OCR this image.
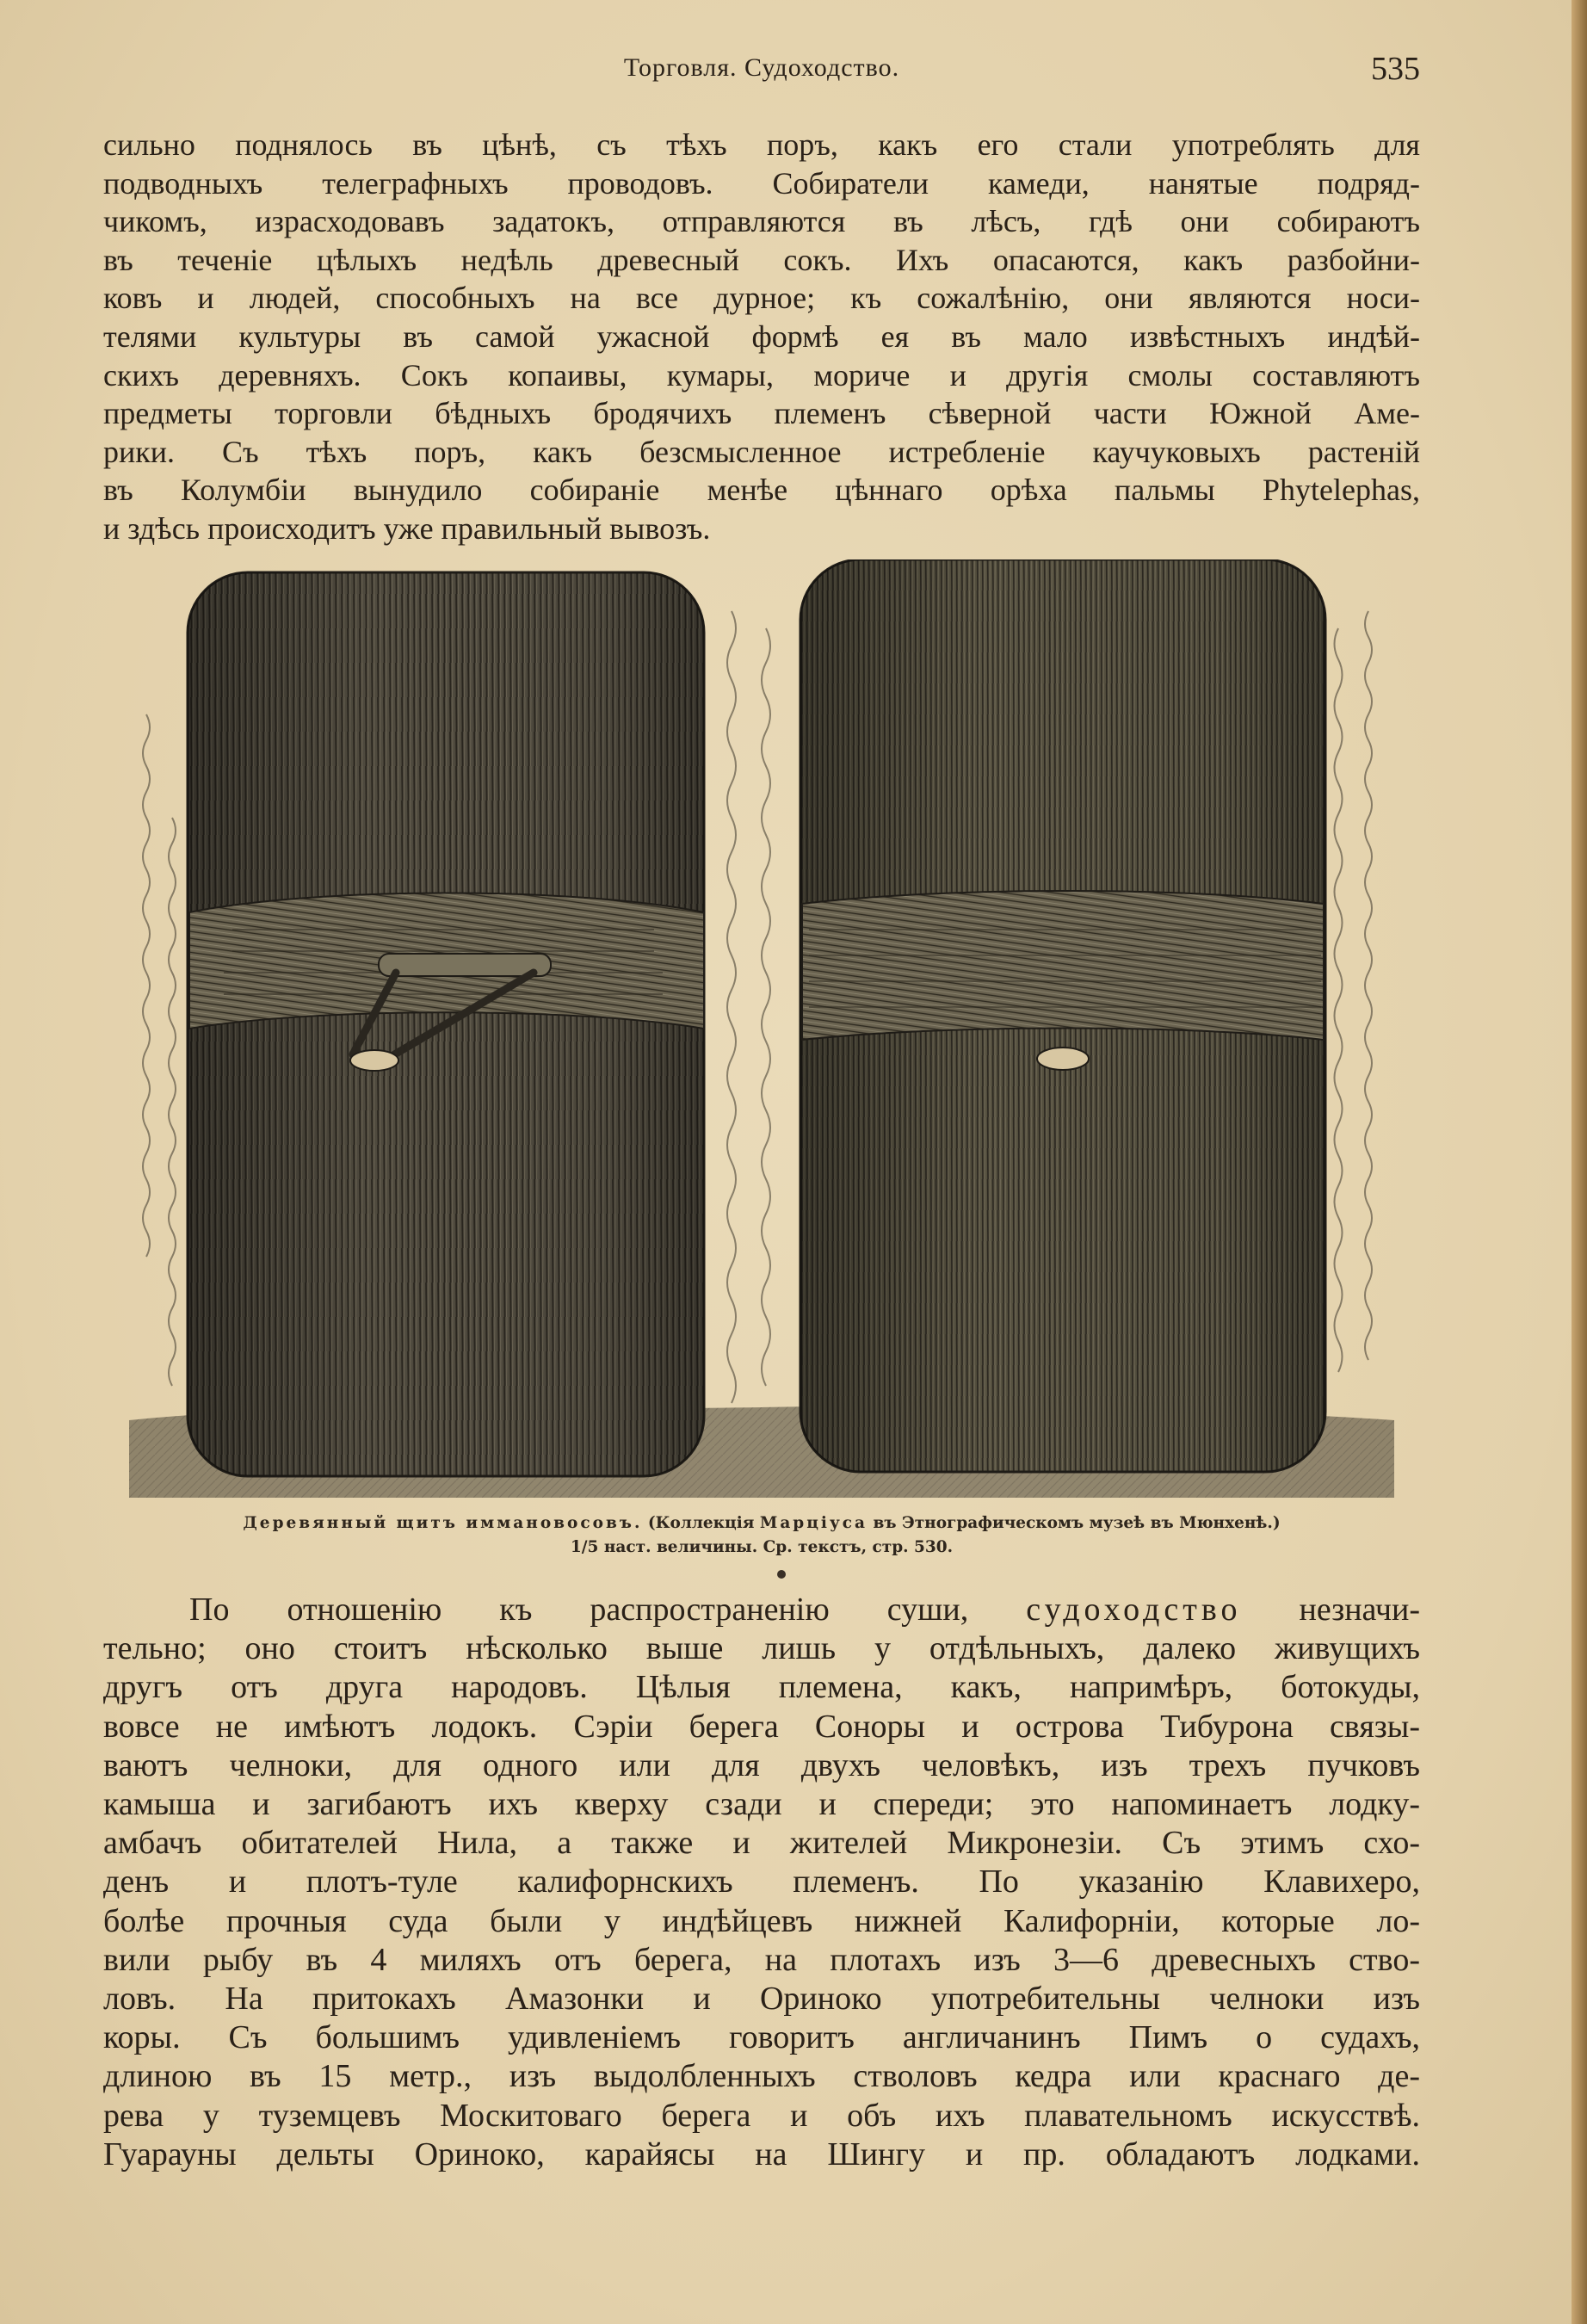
Торговля. Судоходство.	535

сильно поднялось въ цѣнѣ, съ тѣхъ поръ, какъ его стали употреблять для
подводныхъ телеграфныхъ проводовъ. Собиратели камеди, нанятые подряд-
чикомъ, израсходовавъ задатокъ, отправляются въ лѣсъ, гдѣ они собираютъ
въ теченіе цѣлыхъ недѣль древесный сокъ. Ихъ опасаются, какъ разбойни-
ковъ и людей, способныхъ на все дурное; къ сожалѣнію, они являются носи-
телями культуры въ самой ужасной формѣ ея въ мало извѣстныхъ индѣй-
скихъ деревняхъ. Сокъ копаивы, кумары, мориче и другія смолы составляютъ
предметы торговли бѣдныхъ бродячихъ племенъ сѣверной части Южной Аме-
рики. Съ тѣхъ поръ, какъ безсмысленное истребленіе каучуковыхъ растеній
въ Колумбіи вынудило собираніе менѣе цѣннаго орѣха пальмы Phytelephas,
и здѣсь происходитъ уже правильный вывозъ.

Деревянный щитъ иммановосовъ. (Коллекція Марціуса въ Этнографическомъ музеѣ въ Мюнхенѣ.)
1/5 наст. величины. Ср. текстъ, стр. 530.

По отношенію къ распространенію суши, судоходство незначи-
тельно; оно стоитъ нѣсколько выше лишь у отдѣльныхъ, далеко живущихъ
другъ отъ друга народовъ. Цѣлыя племена, какъ, напримѣръ, ботокуды,
вовсе не имѣютъ лодокъ. Сэріи берега Соноры и острова Тибурона связы-
ваютъ челноки, для одного или для двухъ человѣкъ, изъ трехъ пучковъ
камыша и загибаютъ ихъ кверху сзади и спереди; это напоминаетъ лодку-
амбачъ обитателей Нила, а также и жителей Микронезіи. Съ этимъ схо-
денъ и плотъ-туле калифорнскихъ племенъ. По указанію Клавихеро,
болѣе прочныя суда были у индѣйцевъ нижней Калифорніи, которые ло-
вили рыбу въ 4 миляхъ отъ берега, на плотахъ изъ 3—6 древесныхъ ство-
ловъ. На притокахъ Амазонки и Ориноко употребительны челноки изъ
коры. Съ большимъ удивленіемъ говоритъ англичанинъ Пимъ о судахъ,
длиною въ 15 метр., изъ выдолбленныхъ стволовъ кедра или краснаго де-
рева у туземцевъ Москитоваго берега и объ ихъ плавательномъ искусствѣ.
Гуарауны дельты Ориноко, карайясы на Шингу и пр. обладаютъ лодками.
